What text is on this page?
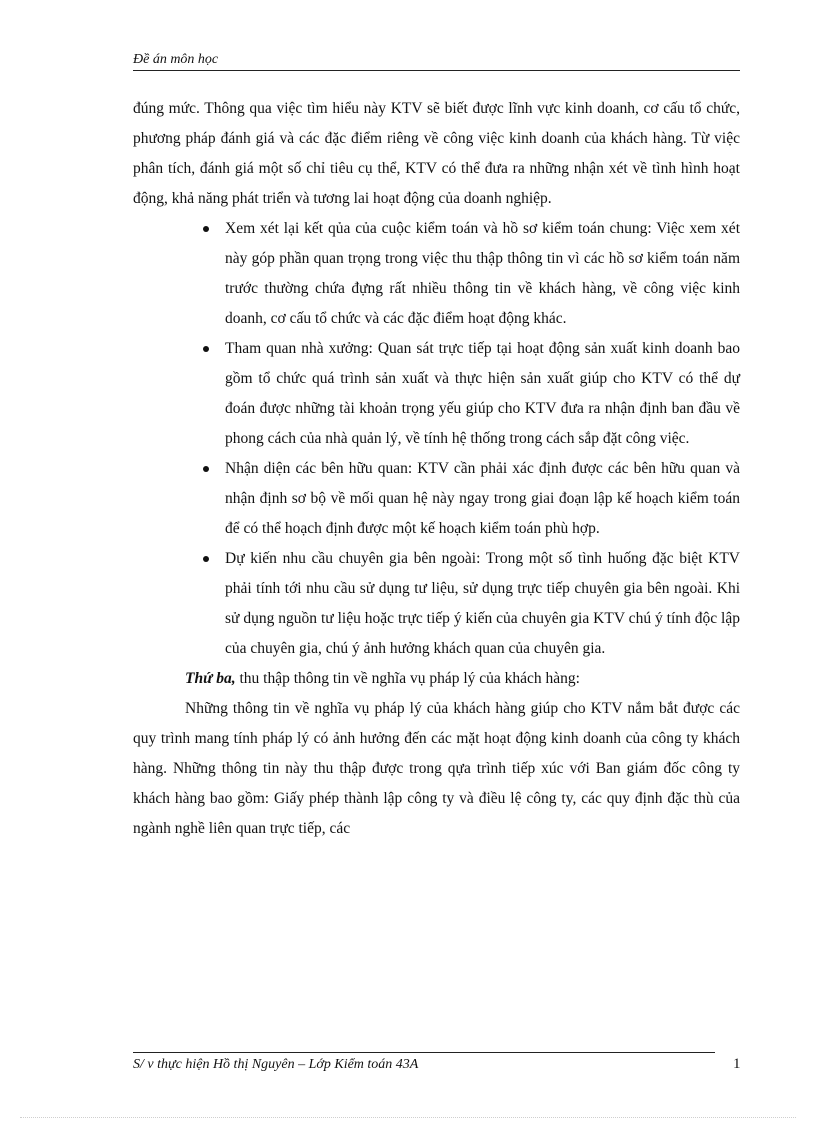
Đề án môn học

đúng mức. Thông qua việc tìm hiểu này KTV sẽ biết được lĩnh vực kinh doanh, cơ cấu tổ chức, phương pháp đánh giá và các đặc điểm riêng về công việc kinh doanh của khách hàng. Từ việc phân tích, đánh giá một số chỉ tiêu cụ thể, KTV có thể đưa ra những nhận xét về tình hình hoạt động, khả năng phát triển và tương lai hoạt động của doanh nghiệp.

Xem xét lại kết qủa của cuộc kiểm toán và hồ sơ kiểm toán chung: Việc xem xét này góp phần quan trọng trong việc thu thập thông tin vì các hồ sơ kiểm toán năm trước thường chứa đựng rất nhiều thông tin về khách hàng, về công việc kinh doanh, cơ cấu tổ chức và các đặc điểm hoạt động khác.
Tham quan nhà xưởng: Quan sát trực tiếp tại hoạt động sản xuất kinh doanh bao gồm tổ chức quá trình sản xuất và thực hiện sản xuất giúp cho KTV có thể dự đoán được những tài khoản trọng yếu giúp cho KTV đưa ra nhận định ban đầu về phong cách của nhà quản lý, về tính hệ thống trong cách sắp đặt công việc.
Nhận diện các bên hữu quan: KTV cần phải xác định được các bên hữu quan và nhận định sơ bộ về mối quan hệ này ngay trong giai đoạn lập kế hoạch kiểm toán để có thể hoạch định được một kế hoạch kiểm toán phù hợp.
Dự kiến nhu cầu chuyên gia bên ngoài: Trong một số tình huống đặc biệt KTV phải tính tới nhu cầu sử dụng tư liệu, sử dụng trực tiếp chuyên gia bên ngoài. Khi sử dụng nguồn tư liệu hoặc trực tiếp ý kiến của chuyên gia KTV chú ý tính độc lập của chuyên gia, chú ý ảnh hưởng khách quan của chuyên gia.

Thứ ba, thu thập thông tin về nghĩa vụ pháp lý của khách hàng:

Những thông tin về nghĩa vụ pháp lý của khách hàng giúp cho KTV nắm bắt được các quy trình mang tính pháp lý có ảnh hưởng đến các mặt hoạt động kinh doanh của công ty khách hàng. Những thông tin này thu thập được trong qựa trình tiếp xúc với Ban giám đốc công ty khách hàng bao gồm: Giấy phép thành lập công ty và điều lệ công ty, các quy định đặc thù của ngành nghề liên quan trực tiếp, các

S/ v thực hiện Hồ thị Nguyên – Lớp Kiểm toán 43A	1
